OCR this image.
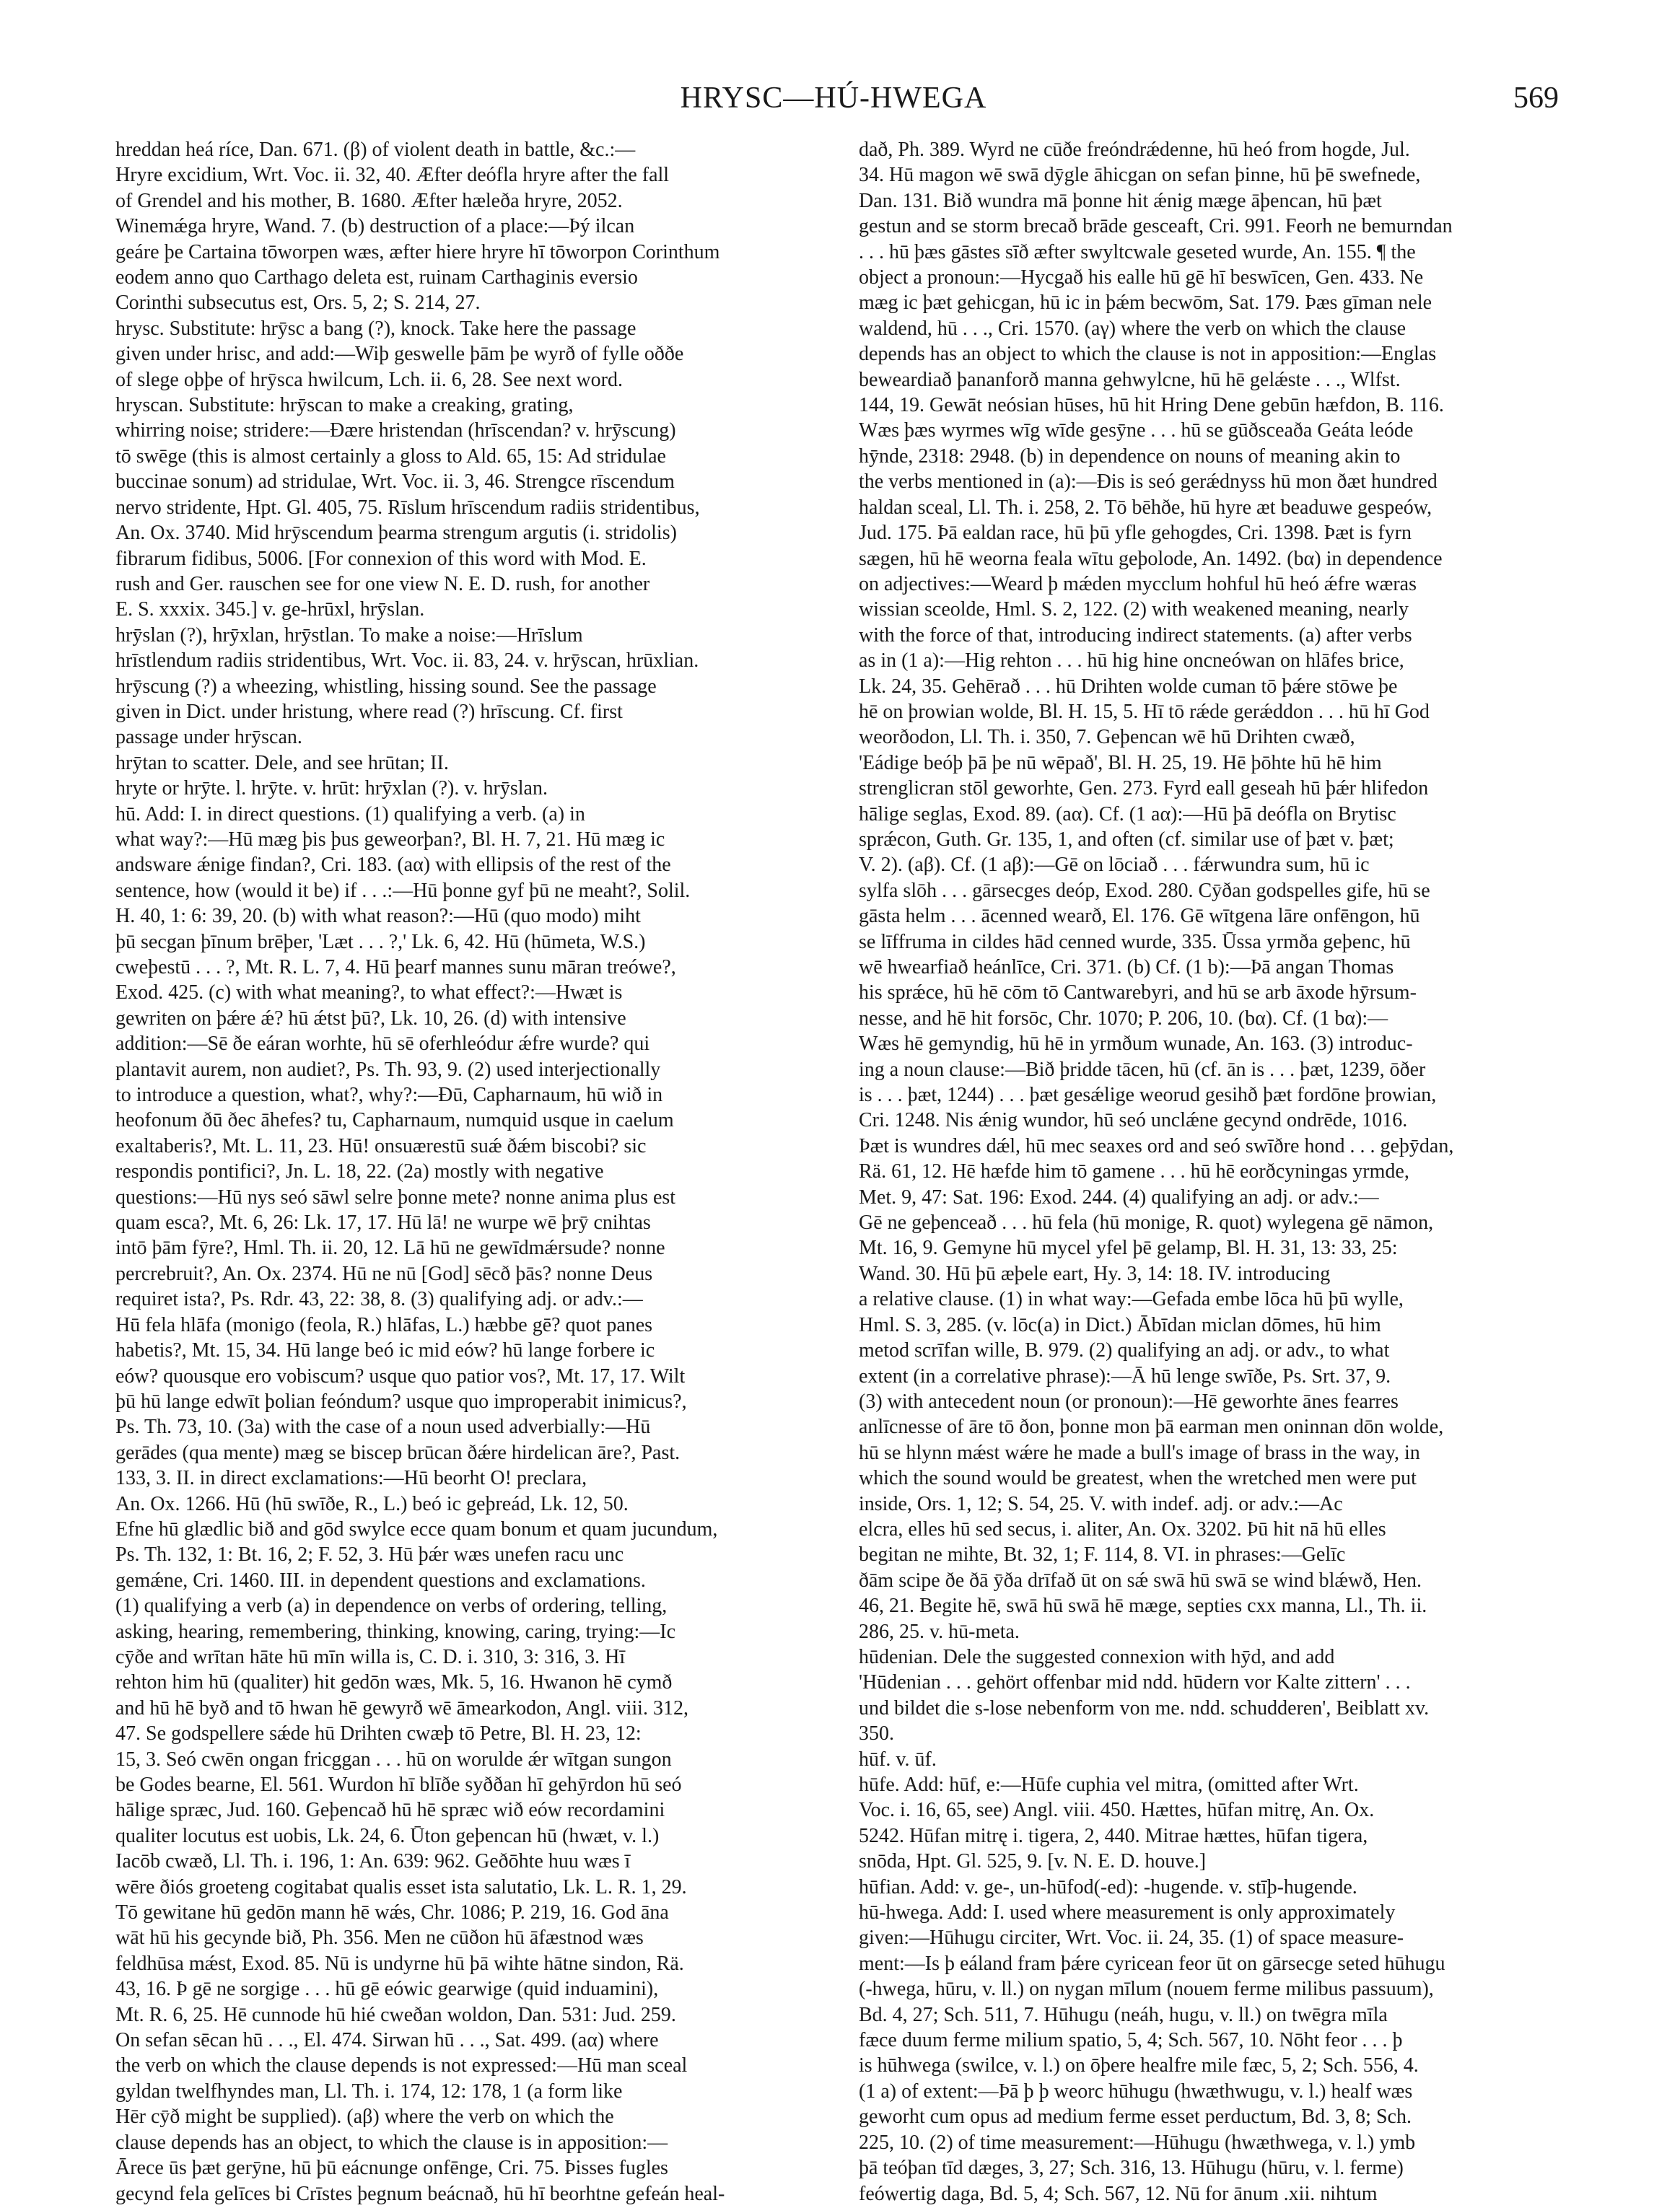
HRYSC—HÚ-HWEGA	569

hreddan heá ríce, Dan. 671. (β) of violent death in battle, &c.:—

Hryre excidium, Wrt. Voc. ii. 32, 40. Æfter deófla hryre after the fall

of Grendel and his mother, B. 1680. Æfter hæleða hryre, 2052.

Winemǽga hryre, Wand. 7. (b) destruction of a place:—Þý ilcan

geáre þe Cartaina tōworpen wæs, æfter hiere hryre hī tōworpon Corinthum

eodem anno quo Carthago deleta est, ruinam Carthaginis eversio

Corinthi subsecutus est, Ors. 5, 2; S. 214, 27.

hrysc. Substitute: hrȳsc a bang (?), knock. Take here the passage

given under hrisc, and add:—Wiþ geswelle þām þe wyrð of fylle oððe

of slege oþþe of hrȳsca hwilcum, Lch. ii. 6, 28. See next word.

hryscan. Substitute: hrȳscan to make a creaking, grating,

whirring noise; stridere:—Ðære hristendan (hrīscendan? v. hrȳscung)

tō swēge (this is almost certainly a gloss to Ald. 65, 15: Ad stridulae

buccinae sonum) ad stridulae, Wrt. Voc. ii. 3, 46. Strengce rīscendum

nervo stridente, Hpt. Gl. 405, 75. Rīslum hrīscendum radiis stridentibus,

An. Ox. 3740. Mid hrȳscendum þearma strengum argutis (i. stridolis)

fibrarum fidibus, 5006. [For connexion of this word with Mod. E.

rush and Ger. rauschen see for one view N. E. D. rush, for another

E. S. xxxix. 345.] v. ge-hrūxl, hrȳslan.

hrȳslan (?), hrȳxlan, hrȳstlan. To make a noise:—Hrīslum

hrīstlendum radiis stridentibus, Wrt. Voc. ii. 83, 24. v. hrȳscan, hrūxlian.

hrȳscung (?) a wheezing, whistling, hissing sound. See the passage

given in Dict. under hristung, where read (?) hrīscung. Cf. first

passage under hrȳscan.

hrȳtan to scatter. Dele, and see hrūtan; II.

hryte or hrȳte. l. hrȳte. v. hrūt: hrȳxlan (?). v. hrȳslan.

hū. Add: I. in direct questions. (1) qualifying a verb. (a) in

what way?:—Hū mæg þis þus geweorþan?, Bl. H. 7, 21. Hū mæg ic

andsware ǽnige findan?, Cri. 183. (aα) with ellipsis of the rest of the

sentence, how (would it be) if . . .:—Hū þonne gyf þū ne meaht?, Solil.

H. 40, 1: 6: 39, 20. (b) with what reason?:—Hū (quo modo) miht

þū secgan þīnum brēþer, 'Læt . . . ?,' Lk. 6, 42. Hū (hūmeta, W.S.)

cweþestū . . . ?, Mt. R. L. 7, 4. Hū þearf mannes sunu māran treówe?,

Exod. 425. (c) with what meaning?, to what effect?:—Hwæt is

gewriten on þǽre ǽ? hū ǽtst þū?, Lk. 10, 26. (d) with intensive

addition:—Sē ðe eáran worhte, hū sē oferhleódur ǽfre wurde? qui

plantavit aurem, non audiet?, Ps. Th. 93, 9. (2) used interjectionally

to introduce a question, what?, why?:—Ðū, Capharnaum, hū wið in

heofonum ðū ðec āhefes? tu, Capharnaum, numquid usque in caelum

exaltaberis?, Mt. L. 11, 23. Hū! onsuærestū suǽ ðǽm biscobi? sic

respondis pontifici?, Jn. L. 18, 22. (2a) mostly with negative

questions:—Hū nys seó sāwl selre þonne mete? nonne anima plus est

quam esca?, Mt. 6, 26: Lk. 17, 17. Hū lā! ne wurpe wē þrȳ cnihtas

intō þām fȳre?, Hml. Th. ii. 20, 12. Lā hū ne gewīdmǽrsude? nonne

percrebruit?, An. Ox. 2374. Hū ne nū [God] sēcð þās? nonne Deus

requiret ista?, Ps. Rdr. 43, 22: 38, 8. (3) qualifying adj. or adv.:—

Hū fela hlāfa (monigo (feola, R.) hlāfas, L.) hæbbe gē? quot panes

habetis?, Mt. 15, 34. Hū lange beó ic mid eów? hū lange forbere ic

eów? quousque ero vobiscum? usque quo patior vos?, Mt. 17, 17. Wilt

þū hū lange edwīt þolian feóndum? usque quo improperabit inimicus?,

Ps. Th. 73, 10. (3a) with the case of a noun used adverbially:—Hū

gerādes (qua mente) mæg se biscep brūcan ðǽre hirdelican āre?, Past.

133, 3. II. in direct exclamations:—Hū beorht O! preclara,

An. Ox. 1266. Hū (hū swīðe, R., L.) beó ic geþreád, Lk. 12, 50.

Efne hū glædlic bið and gōd swylce ecce quam bonum et quam jucundum,

Ps. Th. 132, 1: Bt. 16, 2; F. 52, 3. Hū þǽr wæs unefen racu unc

gemǽne, Cri. 1460. III. in dependent questions and exclamations.

(1) qualifying a verb (a) in dependence on verbs of ordering, telling,

asking, hearing, remembering, thinking, knowing, caring, trying:—Ic

cȳðe and wrītan hāte hū mīn willa is, C. D. i. 310, 3: 316, 3. Hī

rehton him hū (qualiter) hit gedōn wæs, Mk. 5, 16. Hwanon hē cymð

and hū hē byð and tō hwan hē gewyrð wē āmearkodon, Angl. viii. 312,

47. Se godspellere sǽde hū Drihten cwæþ tō Petre, Bl. H. 23, 12:

15, 3. Seó cwēn ongan fricggan . . . hū on worulde ǽr wītgan sungon

be Godes bearne, El. 561. Wurdon hī blīðe syððan hī gehȳrdon hū seó

hālige spræc, Jud. 160. Geþencað hū hē spræc wið eów recordamini

qualiter locutus est uobis, Lk. 24, 6. Ūton geþencan hū (hwæt, v. l.)

Iacōb cwæð, Ll. Th. i. 196, 1: An. 639: 962. Geðōhte huu wæs ī

wēre ðiós groeteng cogitabat qualis esset ista salutatio, Lk. L. R. 1, 29.

Tō gewitane hū gedōn mann hē wǽs, Chr. 1086; P. 219, 16. God āna

wāt hū his gecynde bið, Ph. 356. Men ne cūðon hū āfæstnod wæs

feldhūsa mǽst, Exod. 85. Nū is undyrne hū þā wihte hātne sindon, Rä.

43, 16. Þ gē ne sorgige . . . hū gē eówic gearwige (quid induamini),

Mt. R. 6, 25. Hē cunnode hū hié cweðan woldon, Dan. 531: Jud. 259.

On sefan sēcan hū . . ., El. 474. Sirwan hū . . ., Sat. 499. (aα) where

the verb on which the clause depends is not expressed:—Hū man sceal

gyldan twelfhyndes man, Ll. Th. i. 174, 12: 178, 1 (a form like

Hēr cȳð might be supplied). (aβ) where the verb on which the

clause depends has an object, to which the clause is in apposition:—

Ārece ūs þæt gerȳne, hū þū eácnunge onfēnge, Cri. 75. Þisses fugles

gecynd fela gelīces bi Crīstes þegnum beácnað, hū hī beorhtne gefeán heal-

dað, Ph. 389. Wyrd ne cūðe freóndrǽdenne, hū heó from hogde, Jul.

34. Hū magon wē swā dȳgle āhicgan on sefan þinne, hū þē swefnede,

Dan. 131. Bið wundra mā þonne hit ǽnig mæge āþencan, hū þæt

gestun and se storm brecað brāde gesceaft, Cri. 991. Feorh ne bemurndan

. . . hū þæs gāstes sīð æfter swyltcwale geseted wurde, An. 155. ¶ the

object a pronoun:—Hycgað his ealle hū gē hī beswīcen, Gen. 433. Ne

mæg ic þæt gehicgan, hū ic in þǽm becwōm, Sat. 179. Þæs gīman nele

waldend, hū . . ., Cri. 1570. (aγ) where the verb on which the clause

depends has an object to which the clause is not in apposition:—Englas

beweardiað þananforð manna gehwylcne, hū hē gelǽste . . ., Wlfst.

144, 19. Gewāt neósian hūses, hū hit Hring Dene gebūn hæfdon, B. 116.

Wæs þæs wyrmes wīg wīde gesȳne . . . hū se gūðsceaða Geáta leóde

hȳnde, 2318: 2948. (b) in dependence on nouns of meaning akin to

the verbs mentioned in (a):—Ðis is seó gerǽdnyss hū mon ðæt hundred

haldan sceal, Ll. Th. i. 258, 2. Tō bēhðe, hū hyre æt beaduwe gespeów,

Jud. 175. Þā ealdan race, hū þū yfle gehogdes, Cri. 1398. Þæt is fyrn

sægen, hū hē weorna feala wītu geþolode, An. 1492. (bα) in dependence

on adjectives:—Weard þ mǽden mycclum hohful hū heó ǽfre wæras

wissian sceolde, Hml. S. 2, 122. (2) with weakened meaning, nearly

with the force of that, introducing indirect statements. (a) after verbs

as in (1 a):—Hig rehton . . . hū hig hine oncneówan on hlāfes brice,

Lk. 24, 35. Gehērað . . . hū Drihten wolde cuman tō þǽre stōwe þe

hē on þrowian wolde, Bl. H. 15, 5. Hī tō rǽde gerǽddon . . . hū hī God

weorðodon, Ll. Th. i. 350, 7. Geþencan wē hū Drihten cwæð,

'Eádige beóþ þā þe nū wēpað', Bl. H. 25, 19. Hē þōhte hū hē him

strenglicran stōl geworhte, Gen. 273. Fyrd eall geseah hū þǽr hlifedon

hālige seglas, Exod. 89. (aα). Cf. (1 aα):—Hū þā deófla on Brytisc

sprǽcon, Guth. Gr. 135, 1, and often (cf. similar use of þæt v. þæt;

V. 2). (aβ). Cf. (1 aβ):—Gē on lōciað . . . fǽrwundra sum, hū ic

sylfa slōh . . . gārsecges deóp, Exod. 280. Cȳðan godspelles gife, hū se

gāsta helm . . . ācenned wearð, El. 176. Gē wītgena lāre onfēngon, hū

se līffruma in cildes hād cenned wurde, 335. Ūssa yrmða geþenc, hū

wē hwearfiað heánlīce, Cri. 371. (b) Cf. (1 b):—Þā angan Thomas

his sprǽce, hū hē cōm tō Cantwarebyri, and hū se arb āxode hȳrsum-

nesse, and hē hit forsōc, Chr. 1070; P. 206, 10. (bα). Cf. (1 bα):—

Wæs hē gemyndig, hū hē in yrmðum wunade, An. 163. (3) introduc-

ing a noun clause:—Bið þridde tācen, hū (cf. ān is . . . þæt, 1239, ōðer

is . . . þæt, 1244) . . . þæt gesǽlige weorud gesihð þæt fordōne þrowian,

Cri. 1248. Nis ǽnig wundor, hū seó unclǽne gecynd ondrēde, 1016.

Þæt is wundres dǽl, hū mec seaxes ord and seó swīðre hond . . . geþȳdan,

Rä. 61, 12. Hē hæfde him tō gamene . . . hū hē eorðcyningas yrmde,

Met. 9, 47: Sat. 196: Exod. 244. (4) qualifying an adj. or adv.:—

Gē ne geþenceað . . . hū fela (hū monige, R. quot) wylegena gē nāmon,

Mt. 16, 9. Gemyne hū mycel yfel þē gelamp, Bl. H. 31, 13: 33, 25:

Wand. 30. Hū þū æþele eart, Hy. 3, 14: 18. IV. introducing

a relative clause. (1) in what way:—Gefada embe lōca hū þū wylle,

Hml. S. 3, 285. (v. lōc(a) in Dict.) Ābīdan miclan dōmes, hū him

metod scrīfan wille, B. 979. (2) qualifying an adj. or adv., to what

extent (in a correlative phrase):—Ā hū lenge swīðe, Ps. Srt. 37, 9.

(3) with antecedent noun (or pronoun):—Hē geworhte ānes fearres

anlīcnesse of āre tō ðon, þonne mon þā earman men oninnan dōn wolde,

hū se hlynn mǽst wǽre he made a bull's image of brass in the way, in

which the sound would be greatest, when the wretched men were put

inside, Ors. 1, 12; S. 54, 25. V. with indef. adj. or adv.:—Ac

elcra, elles hū sed secus, i. aliter, An. Ox. 3202. Þū hit nā hū elles

begitan ne mihte, Bt. 32, 1; F. 114, 8. VI. in phrases:—Gelīc

ðām scipe ðe ðā ȳða drīfað ūt on sǽ swā hū swā se wind blǽwð, Hen.

46, 21. Begite hē, swā hū swā hē mæge, septies cxx manna, Ll., Th. ii.

286, 25. v. hū-meta.

hūdenian. Dele the suggested connexion with hȳd, and add

'Hūdenian . . . gehört offenbar mid ndd. hūdern vor Kalte zittern' . . .

und bildet die s-lose nebenform von me. ndd. schudderen', Beiblatt xv.

350.

hūf. v. ūf.

hūfe. Add: hūf, e:—Hūfe cuphia vel mitra, (omitted after Wrt.

Voc. i. 16, 65, see) Angl. viii. 450. Hættes, hūfan mitrę, An. Ox.

5242. Hūfan mitrę i. tigera, 2, 440. Mitrae hættes, hūfan tigera,

snōda, Hpt. Gl. 525, 9. [v. N. E. D. houve.]

hūfian. Add: v. ge-, un-hūfod(-ed): -hugende. v. stīþ-hugende.

hū-hwega. Add: I. used where measurement is only approximately

given:—Hūhugu circiter, Wrt. Voc. ii. 24, 35. (1) of space measure-

ment:—Is þ eáland fram þǽre cyricean feor ūt on gārsecge seted hūhugu

(-hwega, hūru, v. ll.) on nygan mīlum (nouem ferme milibus passuum),

Bd. 4, 27; Sch. 511, 7. Hūhugu (neáh, hugu, v. ll.) on twēgra mīla

fæce duum ferme milium spatio, 5, 4; Sch. 567, 10. Nōht feor . . . þ

is hūhwega (swilce, v. l.) on ōþere healfre mile fæc, 5, 2; Sch. 556, 4.

(1 a) of extent:—Þā þ þ weorc hūhugu (hwæthwugu, v. l.) healf wæs

geworht cum opus ad medium ferme esset perductum, Bd. 3, 8; Sch.

225, 10. (2) of time measurement:—Hūhugu (hwæthwega, v. l.) ymb

þā teóþan tīd dæges, 3, 27; Sch. 316, 13. Hūhugu (hūru, v. l. ferme)

feówertig daga, Bd. 5, 4; Sch. 567, 12. Nū for ānum .xii. nihtum
